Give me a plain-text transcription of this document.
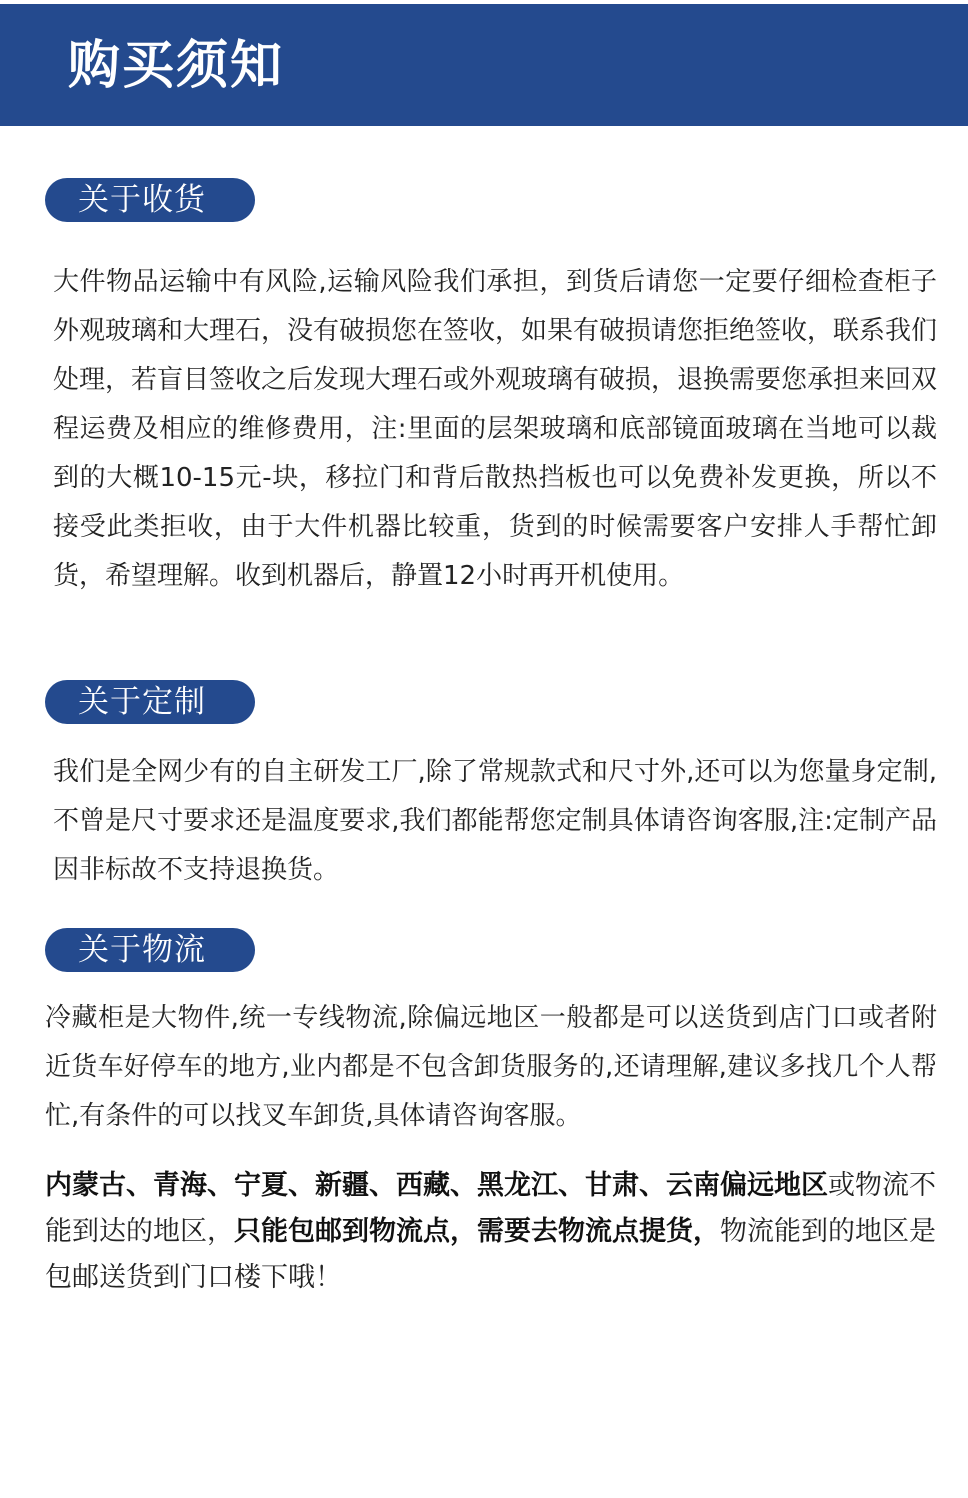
购买须知
关于收货

大件物品运输中有风险,运输风险我们承担，到货后请您一定要仔细检查柜子外观玻璃和大理石，没有破损您在签收，如果有破损请您拒绝签收，联系我们处理，若盲目签收之后发现大理石或外观玻璃有破损，退换需要您承担来回双程运费及相应的维修费用，注:里面的层架玻璃和底部镜面玻璃在当地可以裁到的大概10-15元-块，移拉门和背后散热挡板也可以免费补发更换，所以不接受此类拒收，由于大件机器比较重，货到的时候需要客户安排人手帮忙卸货，希望理解。收到机器后，静置12小时再开机使用。

关于定制

我们是全网少有的自主研发工厂,除了常规款式和尺寸外,还可以为您量身定制,不曾是尺寸要求还是温度要求,我们都能帮您定制具体请咨询客服,注:定制产品因非标故不支持退换货。

关于物流

冷藏柜是大物件,统一专线物流,除偏远地区一般都是可以送货到店门口或者附近货车好停车的地方,业内都是不包含卸货服务的,还请理解,建议多找几个人帮忙,有条件的可以找叉车卸货,具体请咨询客服。

内蒙古、青海、宁夏、新疆、西藏、黑龙江、甘肃、云南偏远地区或物流不能到达的地区，只能包邮到物流点，需要去物流点提货，物流能到的地区是包邮送货到门口楼下哦！
